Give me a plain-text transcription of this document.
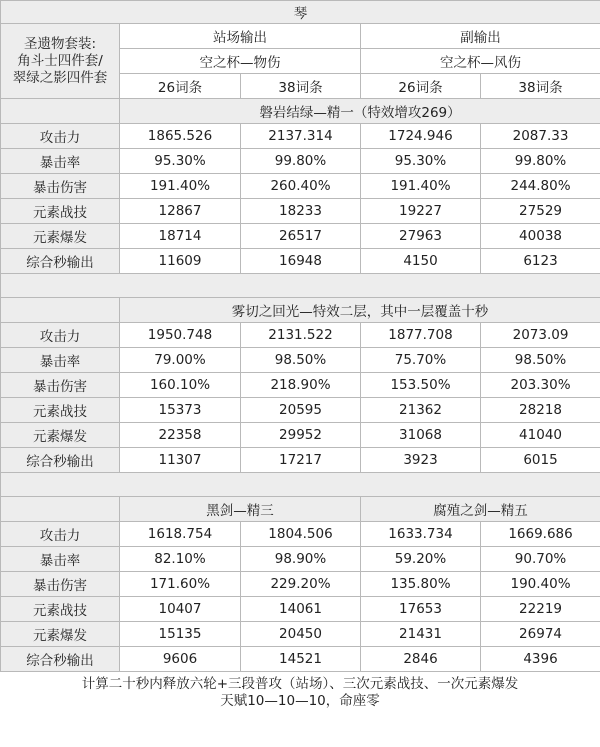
琴				
圣遗物套装:
角斗士四件套/
翠绿之影四件套	站场输出		副输出	
	空之杯—物伤		空之杯—风伤	
	26词条	38词条	26词条	38词条
	磐岩结绿—精一（特效增攻269）			
攻击力	1865.526	2137.314	1724.946	2087.33
暴击率	95.30%	99.80%	95.30%	99.80%
暴击伤害	191.40%	260.40%	191.40%	244.80%
元素战技	12867	18233	19227	27529
元素爆发	18714	26517	27963	40038
综合秒输出	11609	16948	4150	6123

	雾切之回光—特效二层，其中一层覆盖十秒			
攻击力	1950.748	2131.522	1877.708	2073.09
暴击率	79.00%	98.50%	75.70%	98.50%
暴击伤害	160.10%	218.90%	153.50%	203.30%
元素战技	15373	20595	21362	28218
元素爆发	22358	29952	31068	41040
综合秒输出	11307	17217	3923	6015

	黑剑—精三		腐殖之剑—精五	
攻击力	1618.754	1804.506	1633.734	1669.686
暴击率	82.10%	98.90%	59.20%	90.70%
暴击伤害	171.60%	229.20%	135.80%	190.40%
元素战技	10407	14061	17653	22219
元素爆发	15135	20450	21431	26974
综合秒输出	9606	14521	2846	4396
计算二十秒内释放六轮+三段普攻（站场）、三次元素战技、一次元素爆发
天赋10—10—10，命座零
